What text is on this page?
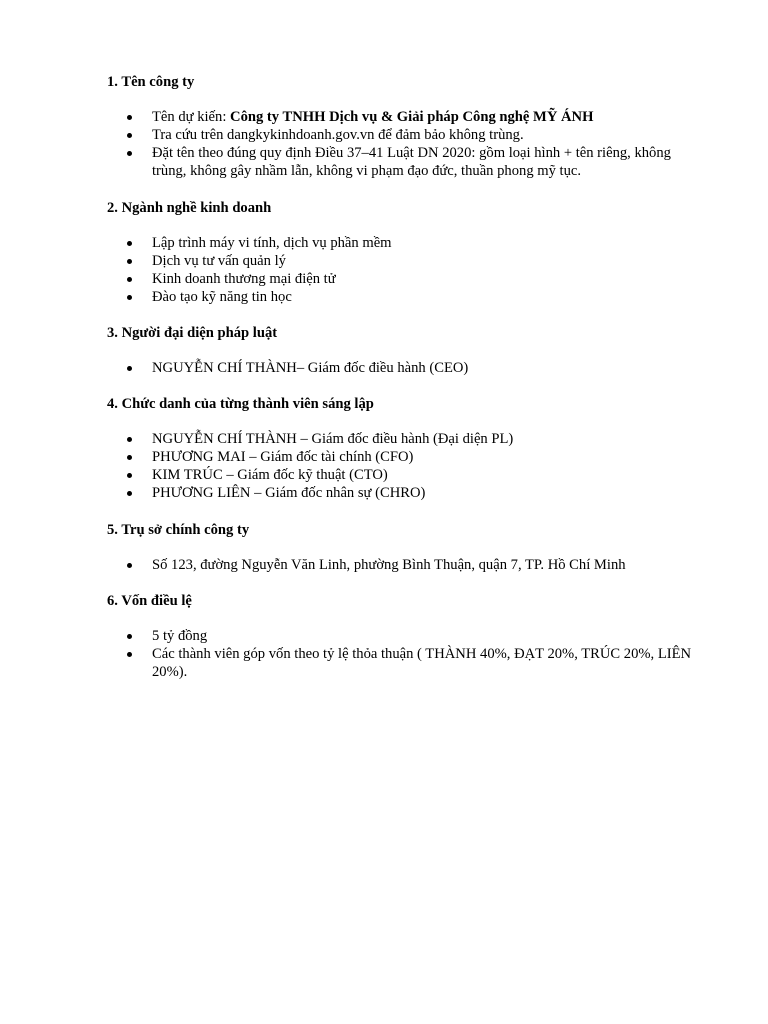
1. Tên công ty

Tên dự kiến: Công ty TNHH Dịch vụ & Giải pháp Công nghệ MỸ ÁNH
Tra cứu trên dangkykinhdoanh.gov.vn để đảm bảo không trùng.
Đặt tên theo đúng quy định Điều 37–41 Luật DN 2020: gồm loại hình + tên riêng, không trùng, không gây nhầm lẫn, không vi phạm đạo đức, thuần phong mỹ tục.

2. Ngành nghề kinh doanh

Lập trình máy vi tính, dịch vụ phần mềm
Dịch vụ tư vấn quản lý
Kinh doanh thương mại điện tử
Đào tạo kỹ năng tin học

3. Người đại diện pháp luật

NGUYỄN CHÍ THÀNH– Giám đốc điều hành (CEO)

4. Chức danh của từng thành viên sáng lập

NGUYỄN CHÍ THÀNH – Giám đốc điều hành (Đại diện PL)
PHƯƠNG MAI – Giám đốc tài chính (CFO)
KIM TRÚC – Giám đốc kỹ thuật (CTO)
PHƯƠNG LIÊN – Giám đốc nhân sự (CHRO)

5. Trụ sở chính công ty

Số 123, đường Nguyễn Văn Linh, phường Bình Thuận, quận 7, TP. Hồ Chí Minh

6. Vốn điều lệ

5 tỷ đồng
Các thành viên góp vốn theo tỷ lệ thỏa thuận ( THÀNH 40%, ĐẠT 20%, TRÚC 20%, LIÊN 20%).
